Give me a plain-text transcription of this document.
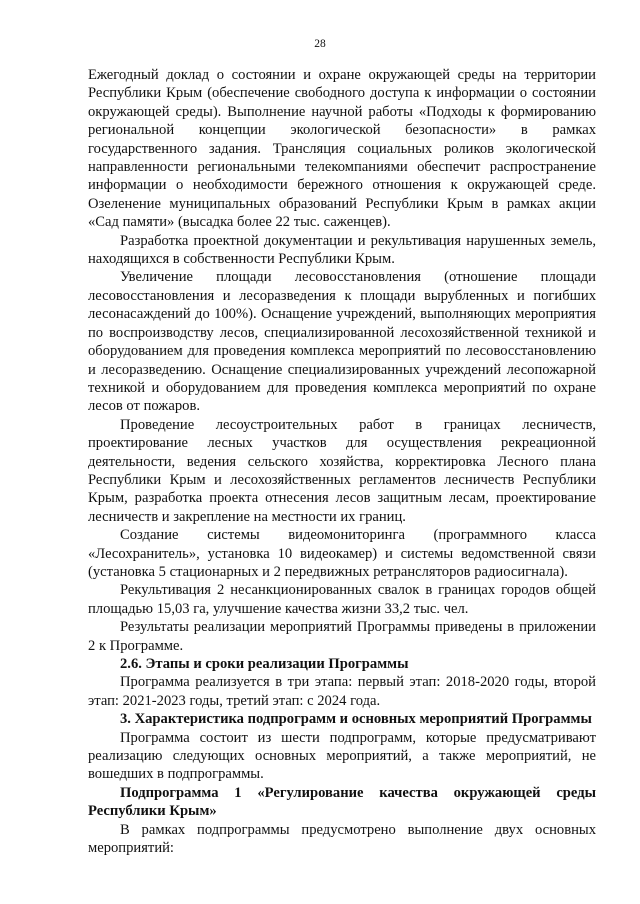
28

Ежегодный доклад о состоянии и охране окружающей среды на территории Республики Крым (обеспечение свободного доступа к информации о состоянии окружающей среды). Выполнение научной работы «Подходы к формированию региональной концепции экологической безопасности» в рамках государственного задания. Трансляция социальных роликов экологической направленности региональными телекомпаниями обеспечит распространение информации о необходимости бережного отношения к окружающей среде. Озеленение муниципальных образований Республики Крым в рамках акции «Сад памяти» (высадка более 22 тыс. саженцев).

Разработка проектной документации и рекультивация нарушенных земель, находящихся в собственности Республики Крым.

Увеличение площади лесовосстановления (отношение площади лесовосстановления и лесоразведения к площади вырубленных и погибших лесонасаждений до 100%). Оснащение учреждений, выполняющих мероприятия по воспроизводству лесов, специализированной лесохозяйственной техникой и оборудованием для проведения комплекса мероприятий по лесовосстановлению и лесоразведению. Оснащение специализированных учреждений лесопожарной техникой и оборудованием для проведения комплекса мероприятий по охране лесов от пожаров.

Проведение лесоустроительных работ в границах лесничеств, проектирование лесных участков для осуществления рекреационной деятельности, ведения сельского хозяйства, корректировка Лесного плана Республики Крым и лесохозяйственных регламентов лесничеств Республики Крым, разработка проекта отнесения лесов защитным лесам, проектирование лесничеств и закрепление на местности их границ.

Создание системы видеомониторинга (программного класса «Лесохранитель», установка 10 видеокамер) и системы ведомственной связи (установка 5 стационарных и 2 передвижных ретрансляторов радиосигнала).

Рекультивация 2 несанкционированных свалок в границах городов общей площадью 15,03 га, улучшение качества жизни 33,2 тыс. чел.

Результаты реализации мероприятий Программы приведены в приложении 2 к Программе.

2.6. Этапы и сроки реализации Программы

Программа реализуется в три этапа: первый этап: 2018-2020 годы, второй этап: 2021-2023 годы, третий этап: с 2024 года.

3. Характеристика подпрограмм и основных мероприятий Программы

Программа состоит из шести подпрограмм, которые предусматривают реализацию следующих основных мероприятий, а также мероприятий, не вошедших в подпрограммы.

Подпрограмма 1 «Регулирование качества окружающей среды Республики Крым»

В рамках подпрограммы предусмотрено выполнение двух основных мероприятий:
